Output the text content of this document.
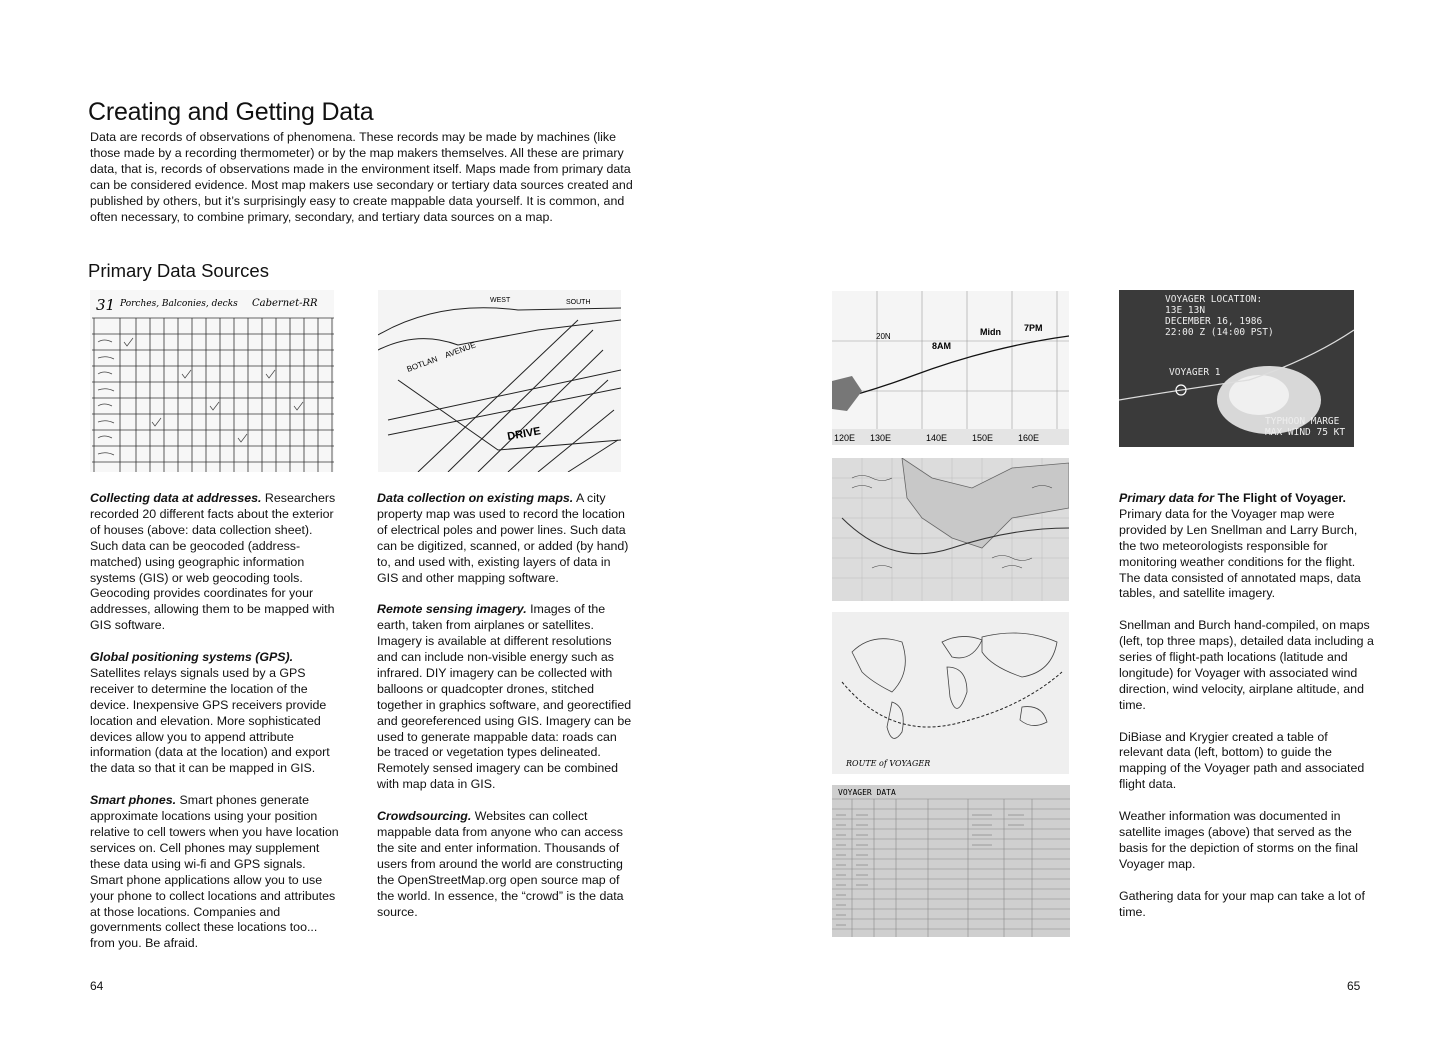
Creating and Getting Data

Data are records of observations of phenomena. These records may be made by machines (like those made by a recording thermometer) or by the map makers themselves. All these are primary data, that is, records of observations made in the environment itself. Maps made from primary data can be considered evidence. Most map makers use secondary or tertiary data sources created and published by others, but it’s surprisingly easy to create mappable data yourself. It is common, and often necessary, to combine primary, secondary, and tertiary data sources on a map.

Primary Data Sources
31 Porches, Balconies, decks Cabernet-RR	WEST	SOUTH
BOTLAN
AVENUE
DRIVE
8AM
Midn	7PM
20N
130E	140E	150E	160E
120E
VOYAGER LOCATION:
13E 13N
DECEMBER 16, 1986
22:00 Z (14:00 PST)
VOYAGER 1
TYPHOON MARGE
MAX WIND 75 KT
ROUTE of VOYAGER
VOYAGER DATA

Collecting data at addresses. Researchers recorded 20 different facts about the exterior of houses (above: data collection sheet). Such data can be geocoded (address-matched) using geographic information systems (GIS) or web geocoding tools. Geocoding provides coordinates for your addresses, allowing them to be mapped with GIS software.

Global positioning systems (GPS). Satellites relays signals used by a GPS receiver to determine the location of the device. Inexpensive GPS receivers provide location and elevation. More sophisticated devices allow you to append attribute information (data at the location) and export the data so that it can be mapped in GIS.

Smart phones. Smart phones generate approximate locations using your position relative to cell towers when you have location services on. Cell phones may supplement these data using wi-fi and GPS signals. Smart phone applications allow you to use your phone to collect locations and attributes at those locations. Companies and governments collect these locations too... from you. Be afraid.

Data collection on existing maps. A city property map was used to record the location of electrical poles and power lines. Such data can be digitized, scanned, or added (by hand) to, and used with, existing layers of data in GIS and other mapping software.

Remote sensing imagery. Images of the earth, taken from airplanes or satellites. Imagery is available at different resolutions and can include non-visible energy such as infrared. DIY imagery can be collected with balloons or quadcopter drones, stitched together in graphics software, and georectified and georeferenced using GIS. Imagery can be used to generate mappable data: roads can be traced or vegetation types delineated. Remotely sensed imagery can be combined with map data in GIS.

Crowdsourcing. Websites can collect mappable data from anyone who can access the site and enter information. Thousands of users from around the world are constructing the OpenStreetMap.org open source map of the world. In essence, the “crowd” is the data source.

Primary data for The Flight of Voyager. Primary data for the Voyager map were provided by Len Snellman and Larry Burch, the two meteorologists responsible for monitoring weather conditions for the flight. The data consisted of annotated maps, data tables, and satellite imagery.

Snellman and Burch hand-compiled, on maps (left, top three maps), detailed data including a series of flight-path locations (latitude and longitude) for Voyager with associated wind direction, wind velocity, airplane altitude, and time.

DiBiase and Krygier created a table of relevant data (left, bottom) to guide the mapping of the Voyager path and associated flight data.

Weather information was documented in satellite images (above) that served as the basis for the depiction of storms on the final Voyager map.

Gathering data for your map can take a lot of time.

64	65
